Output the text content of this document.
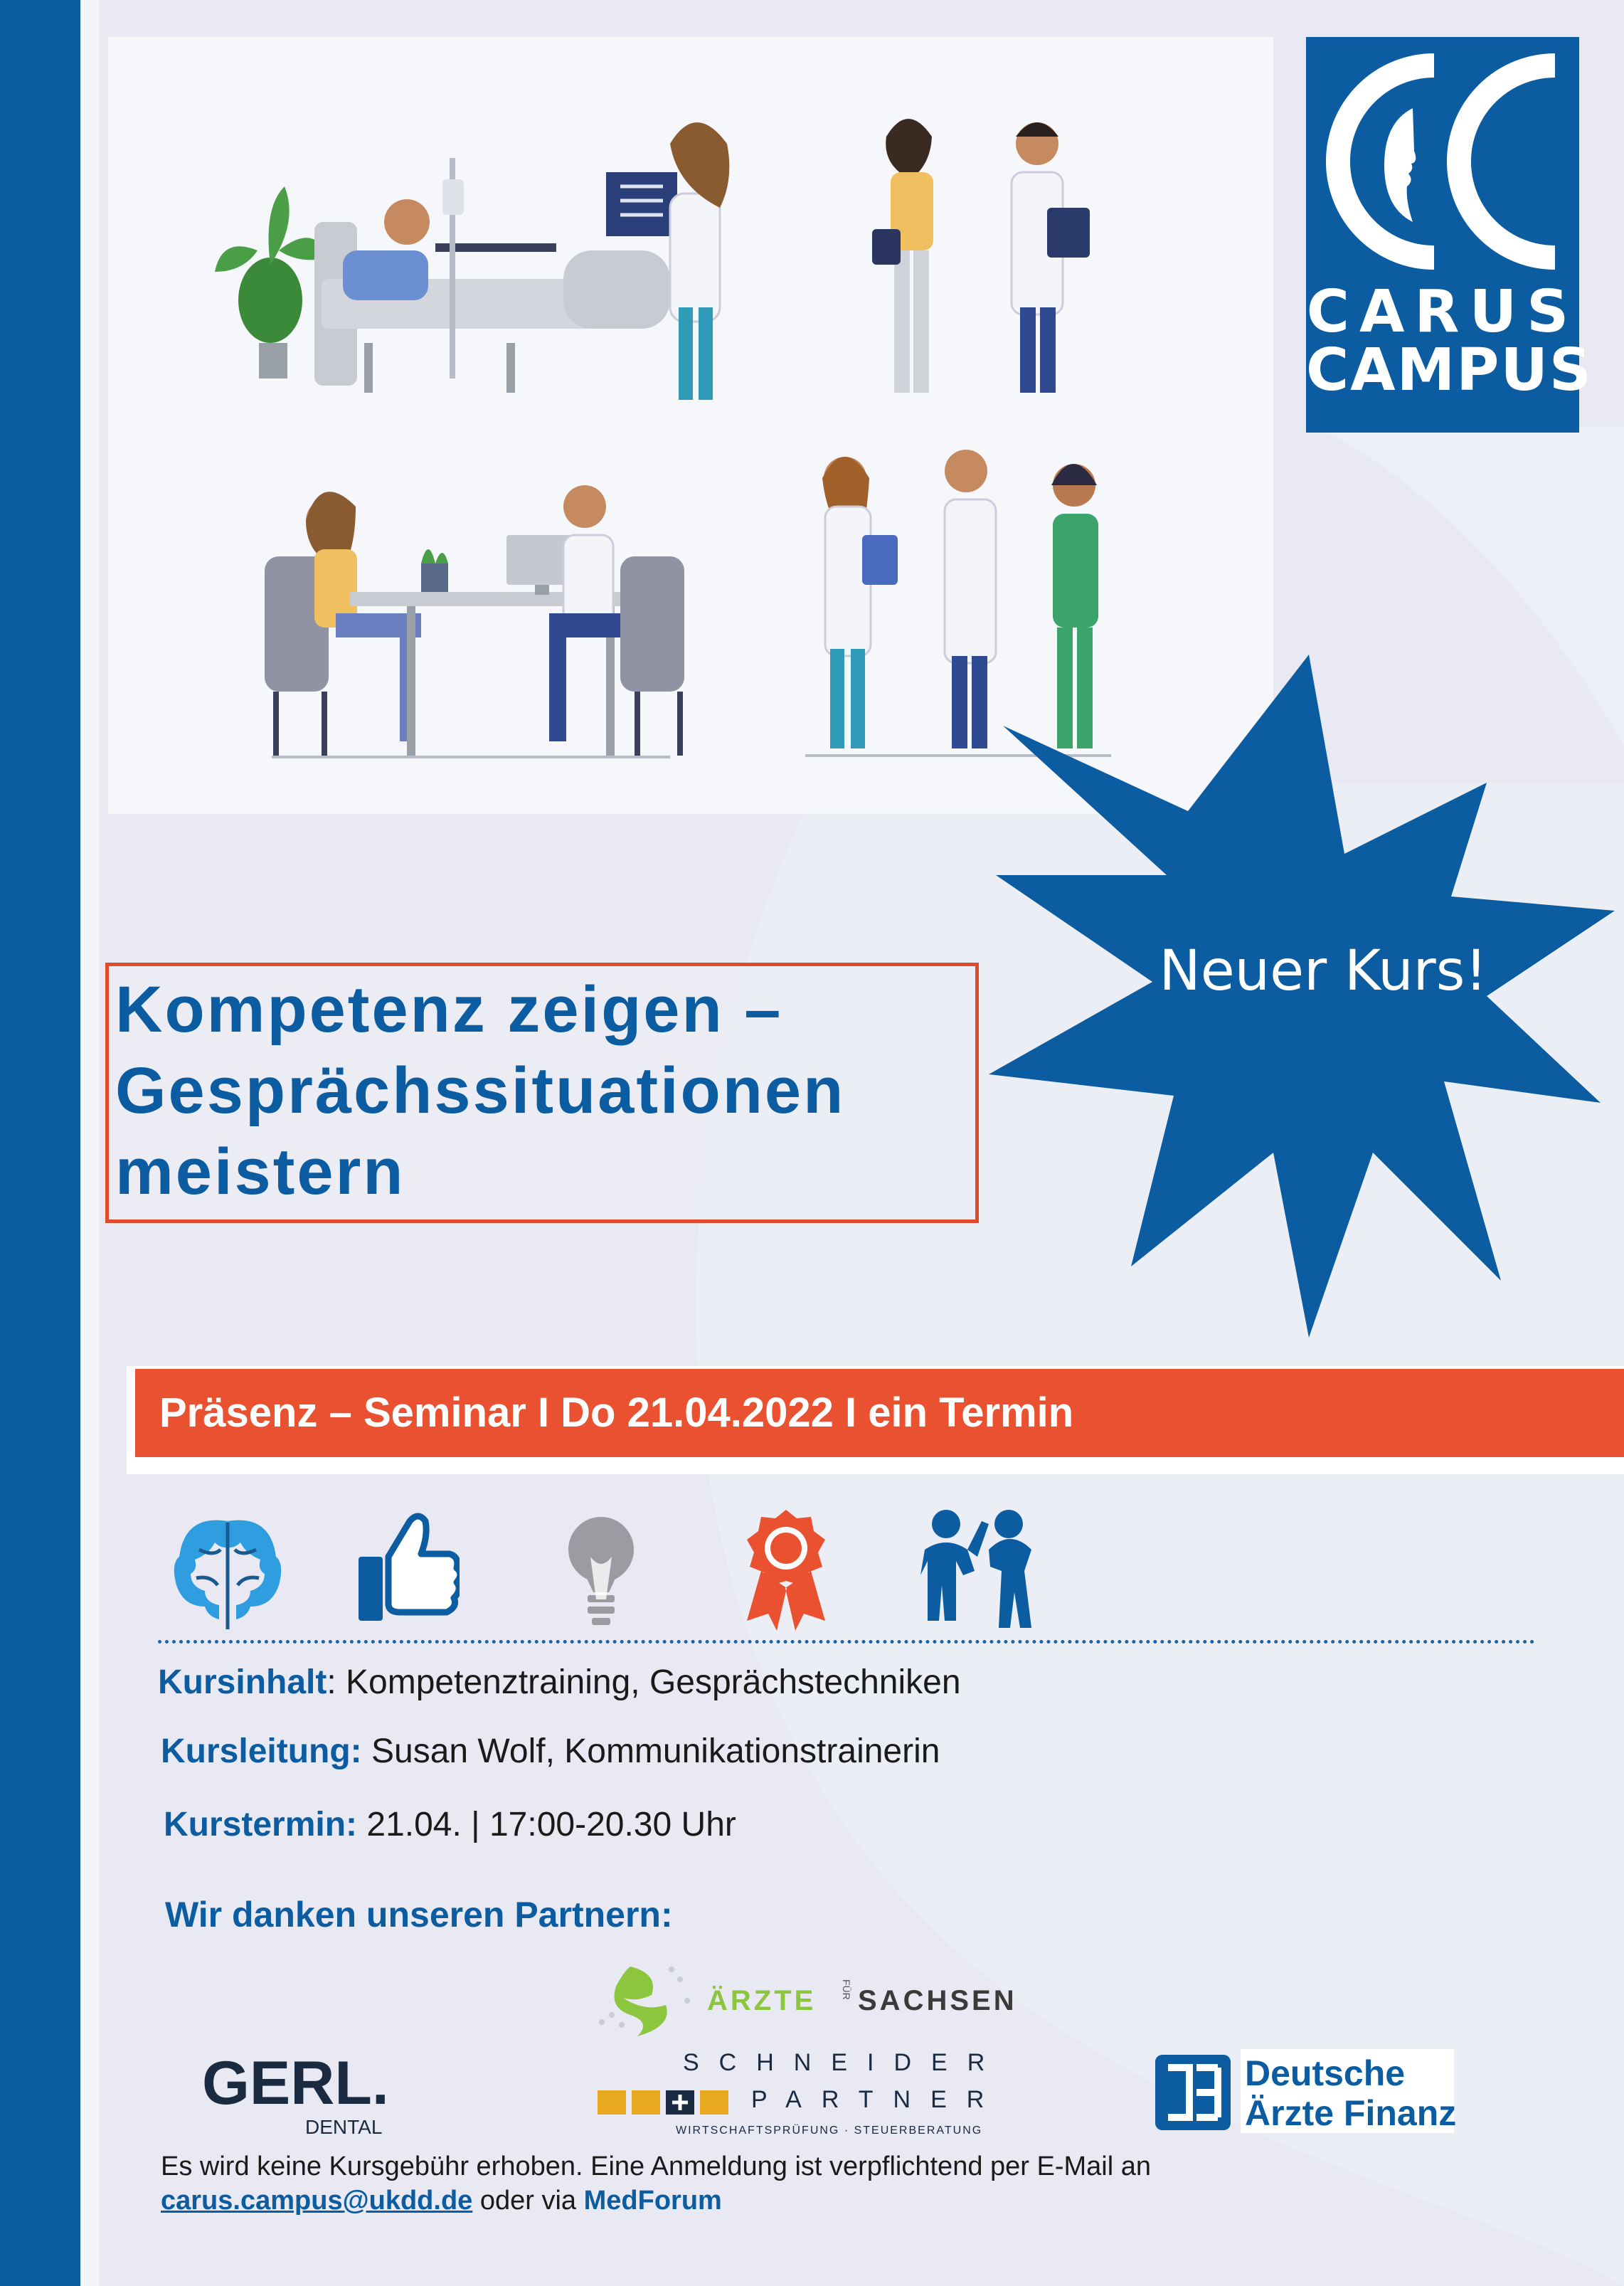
CARUS
CAMPUS
Neuer Kurs!
Kompetenz zeigen –
Gesprächssituationen
meistern
Präsenz – Seminar I Do 21.04.2022 I ein Termin
Kursinhalt: Kompetenztraining, Gesprächstechniken
Kursleitung: Susan Wolf, Kommunikationstrainerin
Kurstermin: 21.04. | 17:00-20.30 Uhr
Wir danken unseren Partnern:
ÄRZTE FÜR SACHSEN
GERL.
DENTAL
SCHNEIDER
PARTNER
WIRTSCHAFTSPRÜFUNG · STEUERBERATUNG
Deutsche
Ärzte Finanz
Es wird keine Kursgebühr erhoben. Eine Anmeldung ist verpflichtend per E-Mail an
carus.campus@ukdd.de oder via MedForum
